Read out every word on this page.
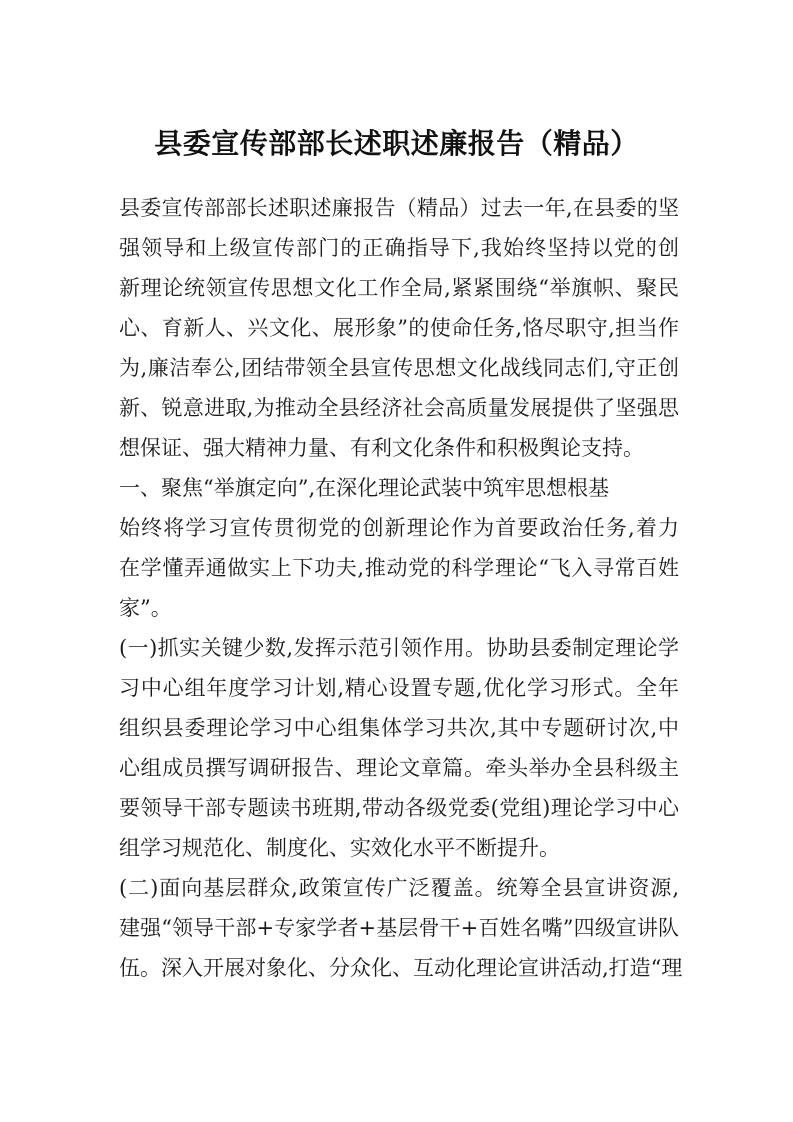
县委宣传部部长述职述廉报告（精品）
县委宣传部部长述职述廉报告（精品）过去一年,在县委的坚
强领导和上级宣传部门的正确指导下,我始终坚持以党的创
新理论统领宣传思想文化工作全局,紧紧围绕“举旗帜、聚民
心、育新人、兴文化、展形象”的使命任务,恪尽职守,担当作
为,廉洁奉公,团结带领全县宣传思想文化战线同志们,守正创
新、锐意进取,为推动全县经济社会高质量发展提供了坚强思
想保证、强大精神力量、有利文化条件和积极舆论支持。
一、聚焦“举旗定向”,在深化理论武装中筑牢思想根基
始终将学习宣传贯彻党的创新理论作为首要政治任务,着力
在学懂弄通做实上下功夫,推动党的科学理论“飞入寻常百姓
家”。
(一)抓实关键少数,发挥示范引领作用。协助县委制定理论学
习中心组年度学习计划,精心设置专题,优化学习形式。全年
组织县委理论学习中心组集体学习共次,其中专题研讨次,中
心组成员撰写调研报告、理论文章篇。牵头举办全县科级主
要领导干部专题读书班期,带动各级党委(党组)理论学习中心
组学习规范化、制度化、实效化水平不断提升。
(二)面向基层群众,政策宣传广泛覆盖。统筹全县宣讲资源,
建强“领导干部+专家学者+基层骨干+百姓名嘴”四级宣讲队
伍。深入开展对象化、分众化、互动化理论宣讲活动,打造“理
